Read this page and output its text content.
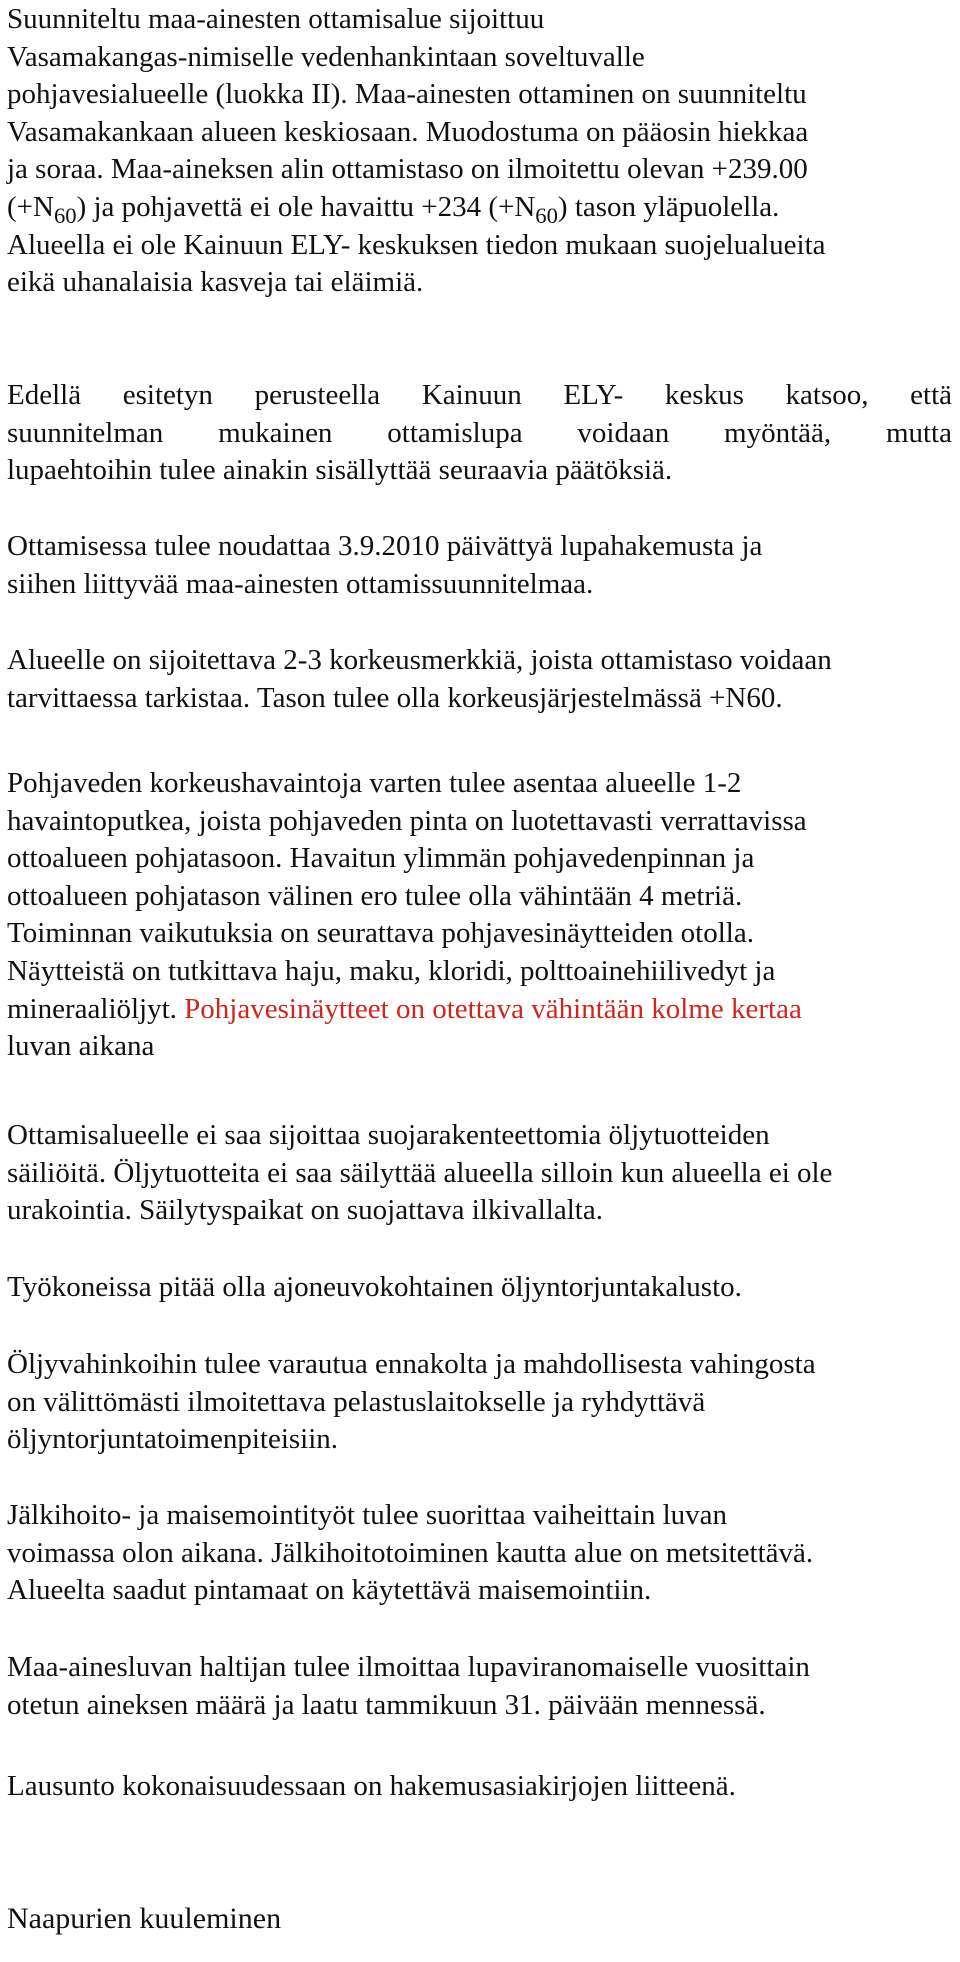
Suunniteltu maa-ainesten ottamisalue sijoittuu
Vasamakangas-nimiselle vedenhankintaan soveltuvalle
pohjavesialueelle (luokka II). Maa-ainesten ottaminen on suunniteltu
Vasamakankaan alueen keskiosaan. Muodostuma on pääosin hiekkaa
ja soraa. Maa-aineksen alin ottamistaso on ilmoitettu olevan +239.00
$(+N_{60})$ ja pohjavettä ei ole havaittu +234 $(+N_{60})$ tason yläpuolella.
Alueella ei ole Kainuun ELY- keskuksen tiedon mukaan suojelualueita
eikä uhanalaisia kasveja tai eläimiä.
Edellä esitetyn perusteella Kainuun ELY- keskus katsoo, että
suunnitelman mukainen ottamislupa voidaan myöntää, mutta
lupaehtoihin tulee ainakin sisällyttää seuraavia päätöksiä.
Ottamisessa tulee noudattaa 3.9.2010 päivättyä lupahakemusta ja
siihen liittyvää maa-ainesten ottamissuunnitelmaa.
Alueelle on sijoitettava 2-3 korkeusmerkkiä, joista ottamistaso voidaan
tarvittaessa tarkistaa. Tason tulee olla korkeusjärjestelmässä +N60.
Pohjaveden korkeushavaintoja varten tulee asentaa alueelle 1-2
havaintoputkea, joista pohjaveden pinta on luotettavasti verrattavissa
ottoalueen pohjatasoon. Havaitun ylimmän pohjavedenpinnan ja
ottoalueen pohjatason välinen ero tulee olla vähintään 4 metriä.
Toiminnan vaikutuksia on seurattava pohjavesinäytteiden otolla.
Näytteistä on tutkittava haju, maku, kloridi, polttoainehiilivedyt ja
mineraaliöljyt. Pohjavesinäytteet on otettava vähintään kolme kertaa
luvan aikana
Ottamisalueelle ei saa sijoittaa suojarakenteettomia öljytuotteiden
säiliöitä. Öljytuotteita ei saa säilyttää alueella silloin kun alueella ei ole
urakointia. Säilytyspaikat on suojattava ilkivallalta.
Työkoneissa pitää olla ajoneuvokohtainen öljyntorjuntakalusto.
Öljyvahinkoihin tulee varautua ennakolta ja mahdollisesta vahingosta
on välittömästi ilmoitettava pelastuslaitokselle ja ryhdyttävä
öljyntorjuntatoimenpiteisiin.
Jälkihoito- ja maisemointityöt tulee suorittaa vaiheittain luvan
voimassa olon aikana. Jälkihoitotoiminen kautta alue on metsitettävä.
Alueelta saadut pintamaat on käytettävä maisemointiin.
Maa-ainesluvan haltijan tulee ilmoittaa lupaviranomaiselle vuosittain
otetun aineksen määrä ja laatu tammikuun 31. päivään mennessä.
Lausunto kokonaisuudessaan on hakemusasiakirjojen liitteenä.
Naapurien kuuleminen
